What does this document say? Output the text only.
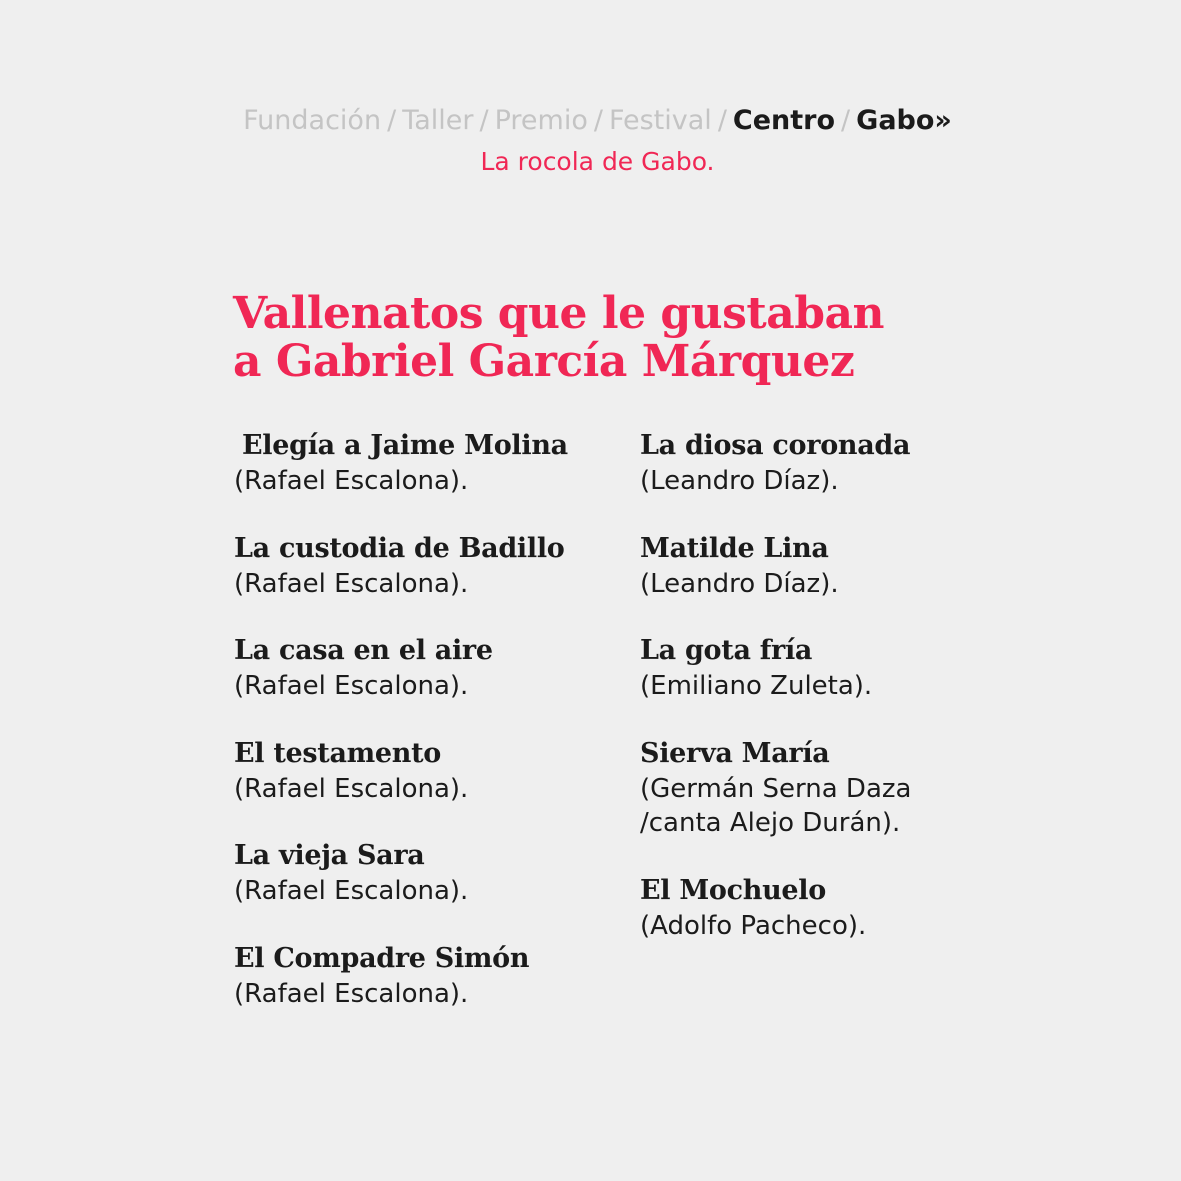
Fundación / Taller / Premio / Festival / Centro / Gabo»
La rocola de Gabo.
Vallenatos que le gustaban
a Gabriel García Márquez
Elegía a Jaime Molina
(Rafael Escalona).
La custodia de Badillo
(Rafael Escalona).
La casa en el aire
(Rafael Escalona).
El testamento
(Rafael Escalona).
La vieja Sara
(Rafael Escalona).
El Compadre Simón
(Rafael Escalona).
La diosa coronada
(Leandro Díaz).
Matilde Lina
(Leandro Díaz).
La gota fría
(Emiliano Zuleta).
Sierva María
(Germán Serna Daza
/canta Alejo Durán).
El Mochuelo
(Adolfo Pacheco).
